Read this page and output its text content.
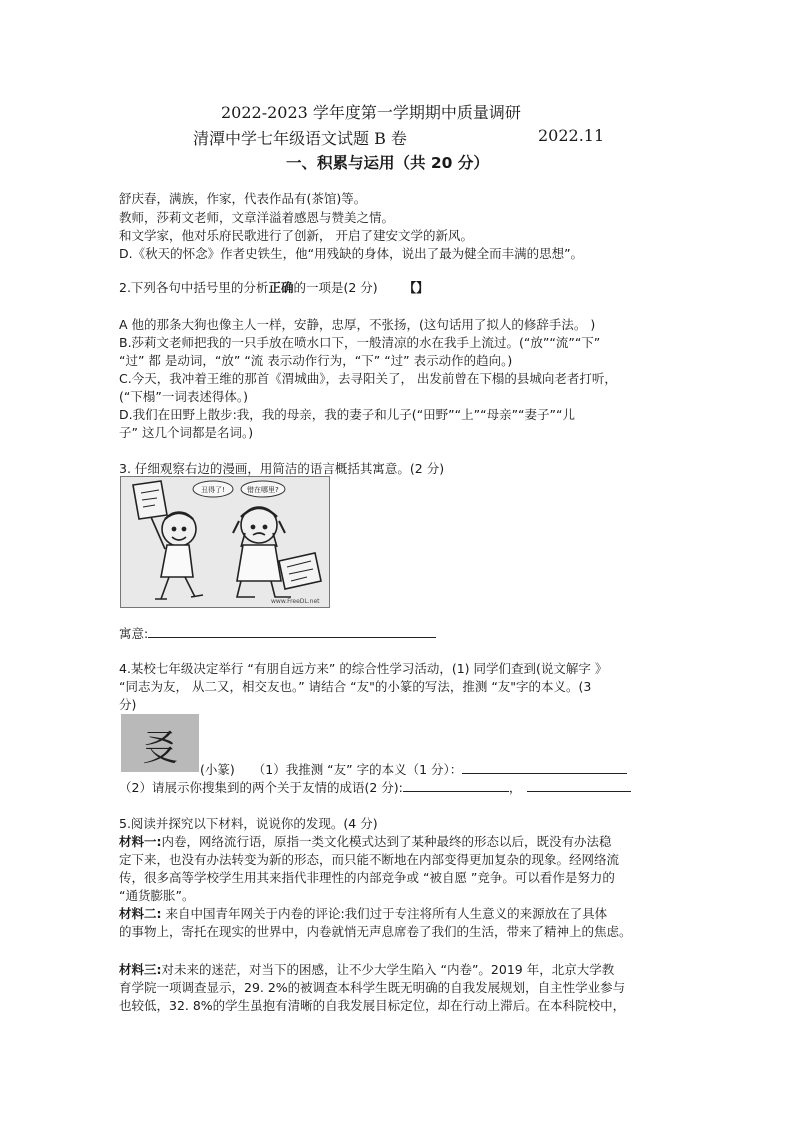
2022-2023 学年度第一学期期中质量调研
清潭中学七年级语文试题 B 卷	2022.11
一、积累与运用（共 20 分）
舒庆春，满族，作家，代表作品有(茶馆)等。
教师，莎莉文老师，文章洋溢着感恩与赞美之情。
和文学家，他对乐府民歌进行了创新， 开启了建安文学的新风。
D.《秋天的怀念》作者史铁生，他“用残缺的身体，说出了最为健全而丰满的思想”。
2.下列各句中括号里的分析正确的一项是(2 分) 【】
A 他的那条大狗也像主人一样，安静，忠厚，不张扬，(这句话用了拟人的修辞手法。 )
B.莎莉文老师把我的一只手放在喷水口下，一般清凉的水在我手上流过。(“放”“流”“下”
“过” 都 是动词，“放” “流 表示动作行为，“下” “过” 表示动作的趋向。)
C.今天，我冲着王维的那首《渭城曲》，去寻阳关了， 出发前曾在下榻的县城向老者打听，
(“下榻”一词表述得体。)
D.我们在田野上散步:我，我的母亲，我的妻子和儿子(“田野”“上”“母亲”“妻子”“儿
子” 这几个词都是名词。)
3. 仔细观察右边的漫画，用简洁的语言概括其寓意。(2 分)
丑得了!	错在哪里?
www.FreeDL.net
寓意:
4.某校七年级决定举行 “有朋自远方来” 的综合性学习活动，(1) 同学们查到(说文解字 》
“同志为友， 从二又，相交友也。” 请结合 “友"的小篆的写法，推测 “友"字的本义。(3
分)
㕛
(小篆) （1）我推测 “友” 字的本义（1 分）：
（2）请展示你搜集到的两个关于友情的成语(2 分):	，
5.阅读并探究以下材料，说说你的发现。(4 分)
材料一:内卷，网络流行语，原指一类文化模式达到了某种最终的形态以后，既没有办法稳
定下来，也没有办法转变为新的形态，而只能不断地在内部变得更加复杂的现象。经网络流
传，很多高等学校学生用其来指代非理性的内部竞争或 “被自愿 ”竞争。可以看作是努力的
“通货膨胀”。
材料二: 来自中国青年网关于内卷的评论:我们过于专注将所有人生意义的来源放在了具体
的事物上，寄托在现实的世界中，内卷就悄无声息席卷了我们的生活，带来了精神上的焦虑。
材料三:对未来的迷茫，对当下的困感，让不少大学生陷入 “内卷”。2019 年，北京大学教
育学院一项调查显示，29. 2%的被调查本科学生既无明确的自我发展规划，自主性学业参与
也较低，32. 8%的学生虽抱有清晰的自我发展目标定位，却在行动上滞后。在本科院校中，
